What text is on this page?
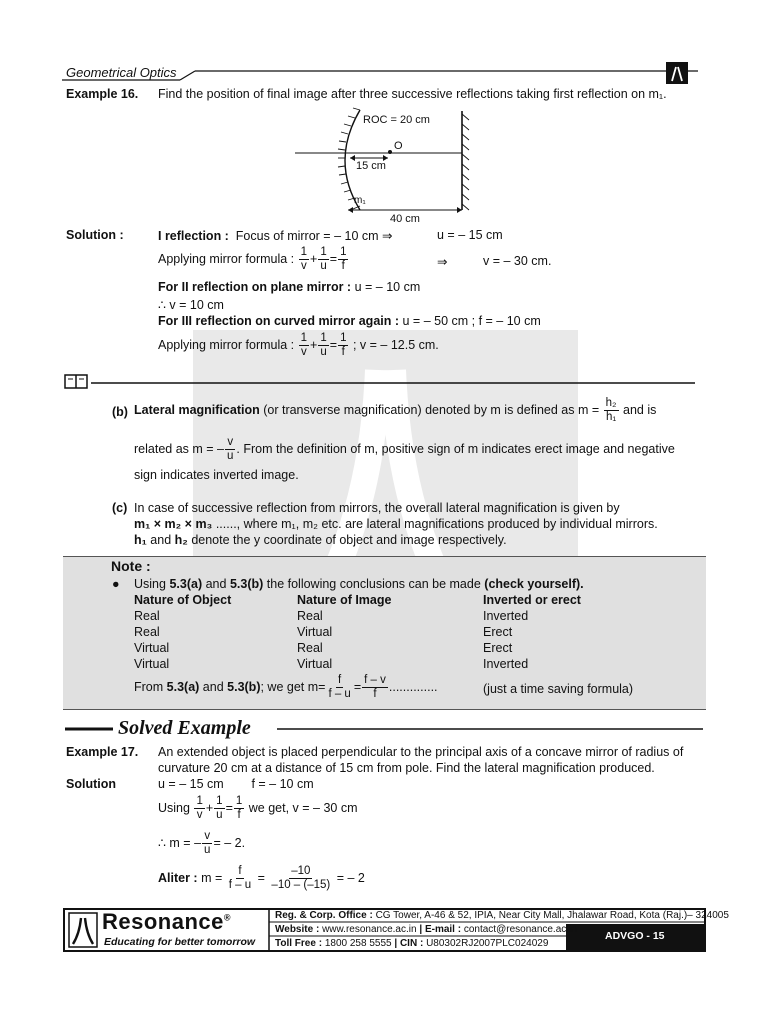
Geometrical Optics
Example 16. Find the position of final image after three successive reflections taking first reflection on m₁.
ROC = 20 cm
O
15 cm
m₁
40 cm
Solution :	I reflection : Focus of mirror = – 10 cm ⇒	u = – 15 cm
Applying mirror formula : $\frac{1}{v} + \frac{1}{u} = \frac{1}{f}$	⇒	v = – 30 cm.
For II reflection on plane mirror : u = – 10 cm
∴ v = 10 cm
For III reflection on curved mirror again : u = – 50 cm ; f = – 10 cm
Applying mirror formula : $\frac{1}{v} + \frac{1}{u} = \frac{1}{f}$ ; v = – 12.5 cm.
(b) Lateral magnification (or transverse magnification) denoted by m is defined as $m = \frac{\text{h₂}}{\text{h₁}}$ and is
related as m = – $\frac{v}{u}$ . From the definition of m, positive sign of m indicates erect image and negative
sign indicates inverted image.
(c) In case of successive reflection from mirrors, the overall lateral magnification is given by
m₁ × m₂ × m₃ ......, where m₁, m₂ etc. are lateral magnifications produced by individual mirrors.
h₁ and h₂ denote the y coordinate of object and image respectively.
Note :
● Using 5.3(a) and 5.3(b) the following conclusions can be made (check yourself).
Nature of Object	Nature of Image	Inverted or erect
Real	Real	Inverted
Real	Virtual	Erect
Virtual	Real	Erect
Virtual	Virtual	Inverted
From 5.3(a) and 5.3(b); we get $m= \frac{f}{f - u} = \frac{f - v}{f}$ ..............	(just a time saving formula)
Solved Example
Example 17. An extended object is placed perpendicular to the principal axis of a concave mirror of radius of
curvature 20 cm at a distance of 15 cm from pole. Find the lateral magnification produced.
Solution	u = – 15 cm        f = – 10 cm
Using $\frac{1}{v} + \frac{1}{u} = \frac{1}{f}$ we get, v = – 30 cm
∴ m = – $\frac{v}{u}$ = – 2.
Aliter : $m = \frac{f}{f - u} = \frac{-10}{-10 - (-15)}$ = – 2
Resonance®
Educating for better tomorrow
Reg. & Corp. Office : CG Tower, A-46 & 52, IPIA, Near City Mall, Jhalawar Road, Kota (Raj.)– 324005
Website : www.resonance.ac.in | E-mail : contact@resonance.ac.in
Toll Free : 1800 258 5555 | CIN : U80302RJ2007PLC024029
ADVGO - 15
